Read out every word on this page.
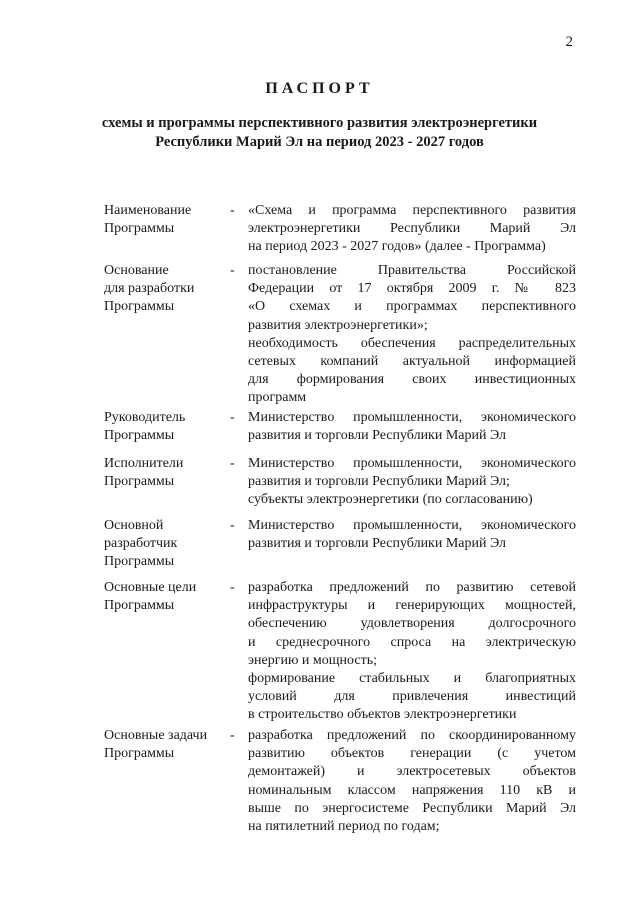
2
ПАСПОРТ
схемы и программы перспективного развития электроэнергетики
Республики Марий Эл на период 2023 - 2027 годов
Наименование
Программы
- «Схема и программа перспективного развития
электроэнергетики Республики Марий Эл
на период 2023 - 2027 годов» (далее - Программа)
Основание
для разработки
Программы
- постановление Правительства Российской
Федерации от 17 октября 2009 г. № 823
«О схемах и программах перспективного
развития электроэнергетики»;
необходимость обеспечения распределительных
сетевых компаний актуальной информацией
для формирования своих инвестиционных
программ
Руководитель
Программы
- Министерство промышленности, экономического
развития и торговли Республики Марий Эл
Исполнители
Программы
- Министерство промышленности, экономического
развития и торговли Республики Марий Эл;
субъекты электроэнергетики (по согласованию)
Основной
разработчик
Программы
- Министерство промышленности, экономического
развития и торговли Республики Марий Эл
Основные цели
Программы
- разработка предложений по развитию сетевой
инфраструктуры и генерирующих мощностей,
обеспечению удовлетворения долгосрочного
и среднесрочного спроса на электрическую
энергию и мощность;
формирование стабильных и благоприятных
условий для привлечения инвестиций
в строительство объектов электроэнергетики
Основные задачи
Программы
- разработка предложений по скоординированному
развитию объектов генерации (с учетом
демонтажей) и электросетевых объектов
номинальным классом напряжения 110 кВ и
выше по энергосистеме Республики Марий Эл
на пятилетний период по годам;
